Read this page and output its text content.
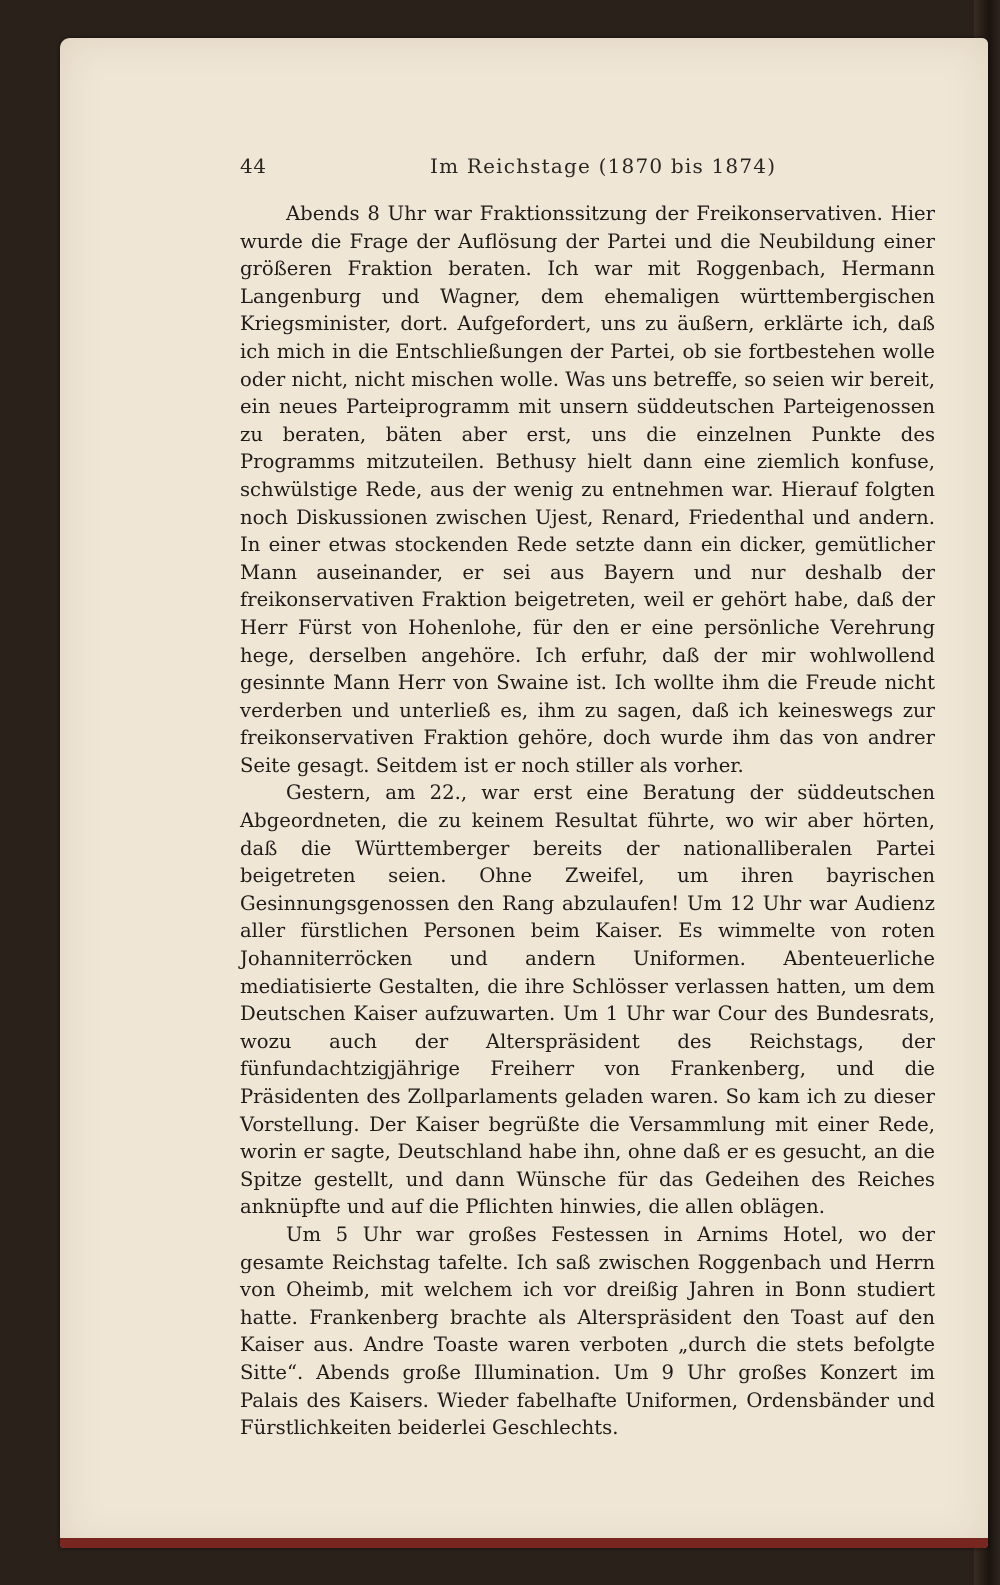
44	Im Reichstage (1870 bis 1874)

Abends 8 Uhr war Fraktionssitzung der Freikonservativen. Hier wurde die Frage der Auflösung der Partei und die Neubildung einer größeren Fraktion beraten. Ich war mit Roggenbach, Hermann Langenburg und Wagner, dem ehemaligen württembergischen Kriegsminister, dort. Aufgefordert, uns zu äußern, erklärte ich, daß ich mich in die Entschließungen der Partei, ob sie fortbestehen wolle oder nicht, nicht mischen wolle. Was uns betreffe, so seien wir bereit, ein neues Parteiprogramm mit unsern süddeutschen Parteigenossen zu beraten, bäten aber erst, uns die einzelnen Punkte des Programms mitzuteilen. Bethusy hielt dann eine ziemlich konfuse, schwülstige Rede, aus der wenig zu entnehmen war. Hierauf folgten noch Diskussionen zwischen Ujest, Renard, Friedenthal und andern. In einer etwas stockenden Rede setzte dann ein dicker, gemütlicher Mann auseinander, er sei aus Bayern und nur deshalb der freikonservativen Fraktion beigetreten, weil er gehört habe, daß der Herr Fürst von Hohenlohe, für den er eine persönliche Verehrung hege, derselben angehöre. Ich erfuhr, daß der mir wohlwollend gesinnte Mann Herr von Swaine ist. Ich wollte ihm die Freude nicht verderben und unterließ es, ihm zu sagen, daß ich keineswegs zur freikonservativen Fraktion gehöre, doch wurde ihm das von andrer Seite gesagt. Seitdem ist er noch stiller als vorher.

Gestern, am 22., war erst eine Beratung der süddeutschen Abgeordneten, die zu keinem Resultat führte, wo wir aber hörten, daß die Württemberger bereits der nationalliberalen Partei beigetreten seien. Ohne Zweifel, um ihren bayrischen Gesinnungsgenossen den Rang abzulaufen! Um 12 Uhr war Audienz aller fürstlichen Personen beim Kaiser. Es wimmelte von roten Johanniterröcken und andern Uniformen. Abenteuerliche mediatisierte Gestalten, die ihre Schlösser verlassen hatten, um dem Deutschen Kaiser aufzuwarten. Um 1 Uhr war Cour des Bundesrats, wozu auch der Alterspräsident des Reichstags, der fünfundachtzigjährige Freiherr von Frankenberg, und die Präsidenten des Zollparlaments geladen waren. So kam ich zu dieser Vorstellung. Der Kaiser begrüßte die Versammlung mit einer Rede, worin er sagte, Deutschland habe ihn, ohne daß er es gesucht, an die Spitze gestellt, und dann Wünsche für das Gedeihen des Reiches anknüpfte und auf die Pflichten hinwies, die allen oblägen.

Um 5 Uhr war großes Festessen in Arnims Hotel, wo der gesamte Reichstag tafelte. Ich saß zwischen Roggenbach und Herrn von Oheimb, mit welchem ich vor dreißig Jahren in Bonn studiert hatte. Frankenberg brachte als Alterspräsident den Toast auf den Kaiser aus. Andre Toaste waren verboten „durch die stets befolgte Sitte“. Abends große Illumination. Um 9 Uhr großes Konzert im Palais des Kaisers. Wieder fabelhafte Uniformen, Ordensbänder und Fürstlichkeiten beiderlei Geschlechts.
